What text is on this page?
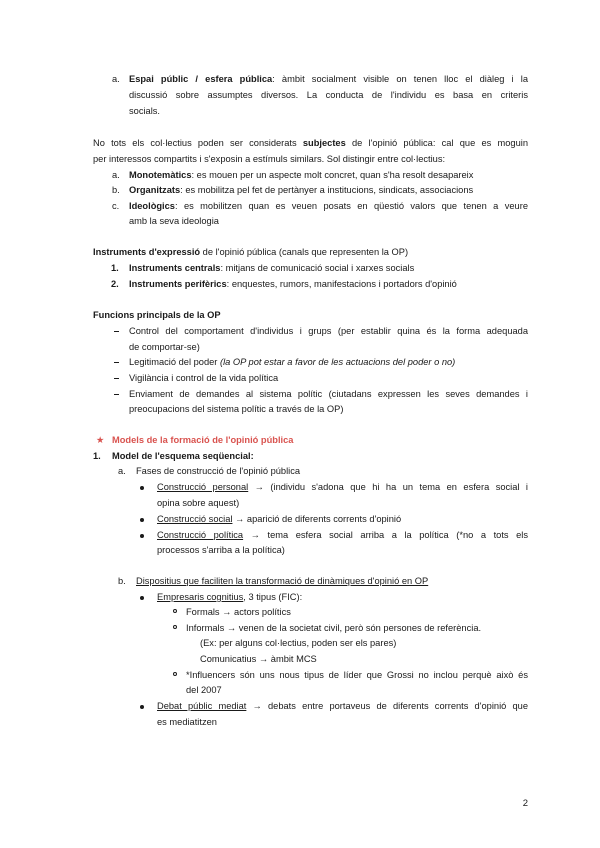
a. Espai públic / esfera pública: àmbit socialment visible on tenen lloc el diàleg i la
discussió sobre assumptes diversos. La conducta de l'individu es basa en criteris
socials.
No tots els col·lectius poden ser considerats subjectes de l'opinió pública: cal que es moguin
per interessos compartits i s'exposin a estímuls similars. Sol distingir entre col·lectius:
a. Monotemàtics: es mouen per un aspecte molt concret, quan s'ha resolt desapareix
b. Organitzats: es mobilitza pel fet de pertànyer a institucions, sindicats, associacions
c. Ideològics: es mobilitzen quan es veuen posats en qüestió valors que tenen a veure
amb la seva ideologia
Instruments d'expressió de l'opinió pública (canals que representen la OP)
1. Instruments centrals: mitjans de comunicació social i xarxes socials
2. Instruments perifèrics: enquestes, rumors, manifestacions i portadors d'opinió
Funcions principals de la OP
Control del comportament d'individus i grups (per establir quina és la forma adequada
de comportar-se)
Legitimació del poder (la OP pot estar a favor de les actuacions del poder o no)
Vigilància i control de la vida política
Enviament de demandes al sistema polític (ciutadans expressen les seves demandes i
preocupacions del sistema polític a través de la OP)
★ Models de la formació de l'opinió pública
1. Model de l'esquema seqüencial:
a. Fases de construcció de l'opinió pública
Construcció personal → (individu s'adona que hi ha un tema en esfera social i
opina sobre aquest)
Construcció social → aparició de diferents corrents d'opinió
Construcció política → tema esfera social arriba a la política (*no a tots els
processos s'arriba a la política)
b. Dispositius que faciliten la transformació de dinàmiques d'opinió en OP
Empresaris cognitius, 3 tipus (FIC):
Formals → actors polítics
Informals → venen de la societat civil, però són persones de referència.
(Ex: per alguns col·lectius, poden ser els pares)
Comunicatius → àmbit MCS
*Influencers són uns nous tipus de líder que Grossi no inclou perquè això és
del 2007
Debat públic mediat → debats entre portaveus de diferents corrents d'opinió que
es mediatitzen
2
